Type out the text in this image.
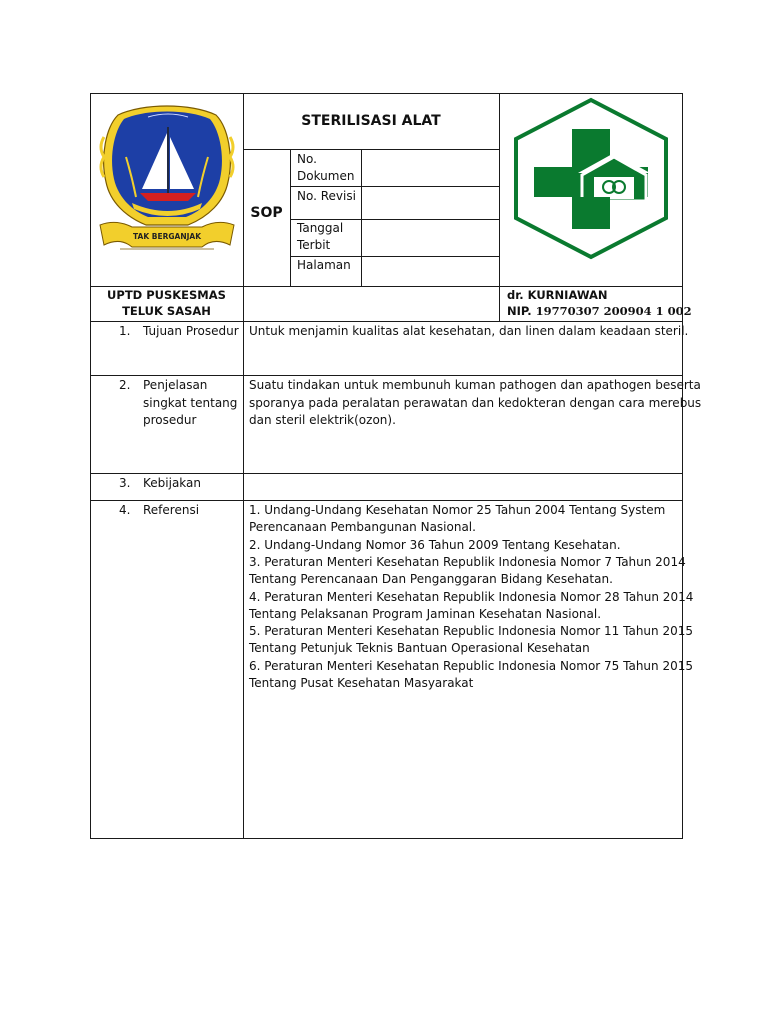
TAK BERGANJAK
STERILISASI ALAT
SOP
No.
Dokumen
No. Revisi
Tanggal
Terbit
Halaman
UPTD PUSKESMAS
TELUK SASAH
dr. KURNIAWAN
NIP. 19770307 200904 1 002
1. Tujuan Prosedur Untuk menjamin kualitas alat kesehatan, dan linen dalam keadaan steril.
2. Penjelasan
singkat tentang
prosedur
Suatu tindakan untuk membunuh kuman pathogen dan apathogen beserta
sporanya pada peralatan perawatan dan kedokteran dengan cara merebus
dan steril elektrik(ozon).
3. Kebijakan
4. Referensi	1. Undang-Undang Kesehatan Nomor 25 Tahun 2004 Tentang System
Perencanaan Pembangunan Nasional.
2. Undang-Undang Nomor 36 Tahun 2009 Tentang Kesehatan.
3. Peraturan Menteri Kesehatan Republik Indonesia Nomor 7 Tahun 2014
Tentang Perencanaan Dan Penganggaran Bidang Kesehatan.
4. Peraturan Menteri Kesehatan Republik Indonesia Nomor 28 Tahun 2014
Tentang Pelaksanan Program Jaminan Kesehatan Nasional.
5. Peraturan Menteri Kesehatan Republic Indonesia Nomor 11 Tahun 2015
Tentang Petunjuk Teknis Bantuan Operasional Kesehatan
6. Peraturan Menteri Kesehatan Republic Indonesia Nomor 75 Tahun 2015
Tentang Pusat Kesehatan Masyarakat
